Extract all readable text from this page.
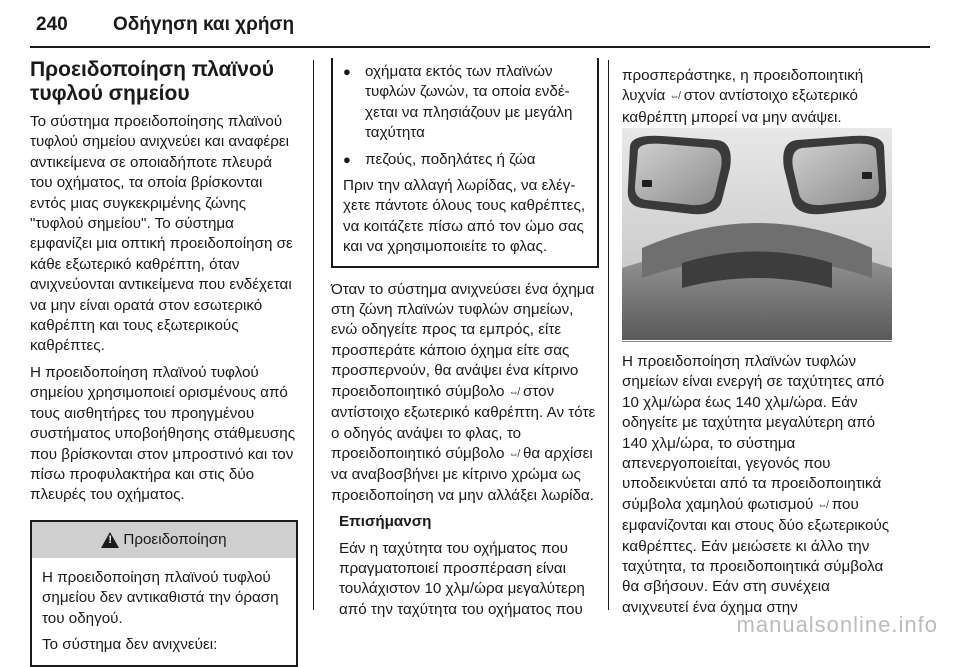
240 Οδήγηση και χρήση
Προειδοποίηση πλαϊνού τυφλού σημείου

Το σύστημα προειδοποίησης πλαϊνού τυφλού σημείου ανιχνεύει και αναφέρει αντικείμενα σε οποιαδήποτε πλευρά του οχήματος, τα οποία βρίσκονται εντός μιας συγκεκριμένης ζώνης "τυφλού σημείου". Το σύστημα εμφανίζει μια οπτική προειδοποίηση σε κάθε εξωτερικό καθρέπτη, όταν ανιχνεύονται αντικείμενα που ενδέχεται να μην είναι ορατά στον εσωτερικό καθρέπτη και τους εξωτερικούς καθρέπτες.

Η προειδοποίηση πλαϊνού τυφλού σημείου χρησιμοποιεί ορισμένους από τους αισθητήρες του προηγμένου συστήματος υποβοήθησης στάθμευσης που βρίσκονται στον μπροστινό και τον πίσω προφυλακτήρα και στις δύο πλευρές του οχήματος.

!
Προειδοποίηση

Η προειδοποίηση πλαϊνού τυφλού σημείου δεν αντικαθιστά την όραση του οδηγού.

Το σύστημα δεν ανιχνεύει:

● οχήματα εκτός των πλαϊνών τυφλών ζωνών, τα οποία ενδέχεται να πλησιάζουν με μεγάλη ταχύτητα
● πεζούς, ποδηλάτες ή ζώα

Πριν την αλλαγή λωρίδας, να ελέγχετε πάντοτε όλους τους καθρέπτες, να κοιτάζετε πίσω από τον ώμο σας και να χρησιμοποιείτε το φλας.

Όταν το σύστημα ανιχνεύσει ένα όχημα στη ζώνη πλαϊνών τυφλών σημείων, ενώ οδηγείτε προς τα εμπρός, είτε προσπεράτε κάποιο όχημα είτε σας προσπερνούν, θα ανάψει ένα κίτρινο προειδοποιητικό σύμβολο ⇎ στον αντίστοιχο εξωτερικό καθρέπτη. Αν τότε ο οδηγός ανάψει το φλας, το προειδοποιητικό σύμβολο ⇎ θα αρχίσει να αναβοσβήνει με κίτρινο χρώμα ως προειδοποίηση να μην αλλάξει λωρίδα.

Επισήμανση

Εάν η ταχύτητα του οχήματος που πραγματοποιεί προσπέραση είναι τουλάχιστον 10 χλμ/ώρα μεγαλύτερη από την ταχύτητα του οχήματος που

προσπεράστηκε, η προειδοποιητική λυχνία ⇎ στον αντίστοιχο εξωτερικό καθρέπτη μπορεί να μην ανάψει.

Η προειδοποίηση πλαϊνών τυφλών σημείων είναι ενεργή σε ταχύτητες από 10 χλμ/ώρα έως 140 χλμ/ώρα. Εάν οδηγείτε με ταχύτητα μεγαλύτερη από 140 χλμ/ώρα, το σύστημα απενεργοποιείται, γεγονός που υποδεικνύεται από τα προειδοποιητικά σύμβολα χαμηλού φωτισμού ⇎ που εμφανίζονται και στους δύο εξωτερικούς καθρέπτες. Εάν μειώσετε κι άλλο την ταχύτητα, τα προειδοποιητικά σύμβολα θα σβήσουν. Εάν στη συνέχεια ανιχνευτεί ένα όχημα στην

manualsonline.info
